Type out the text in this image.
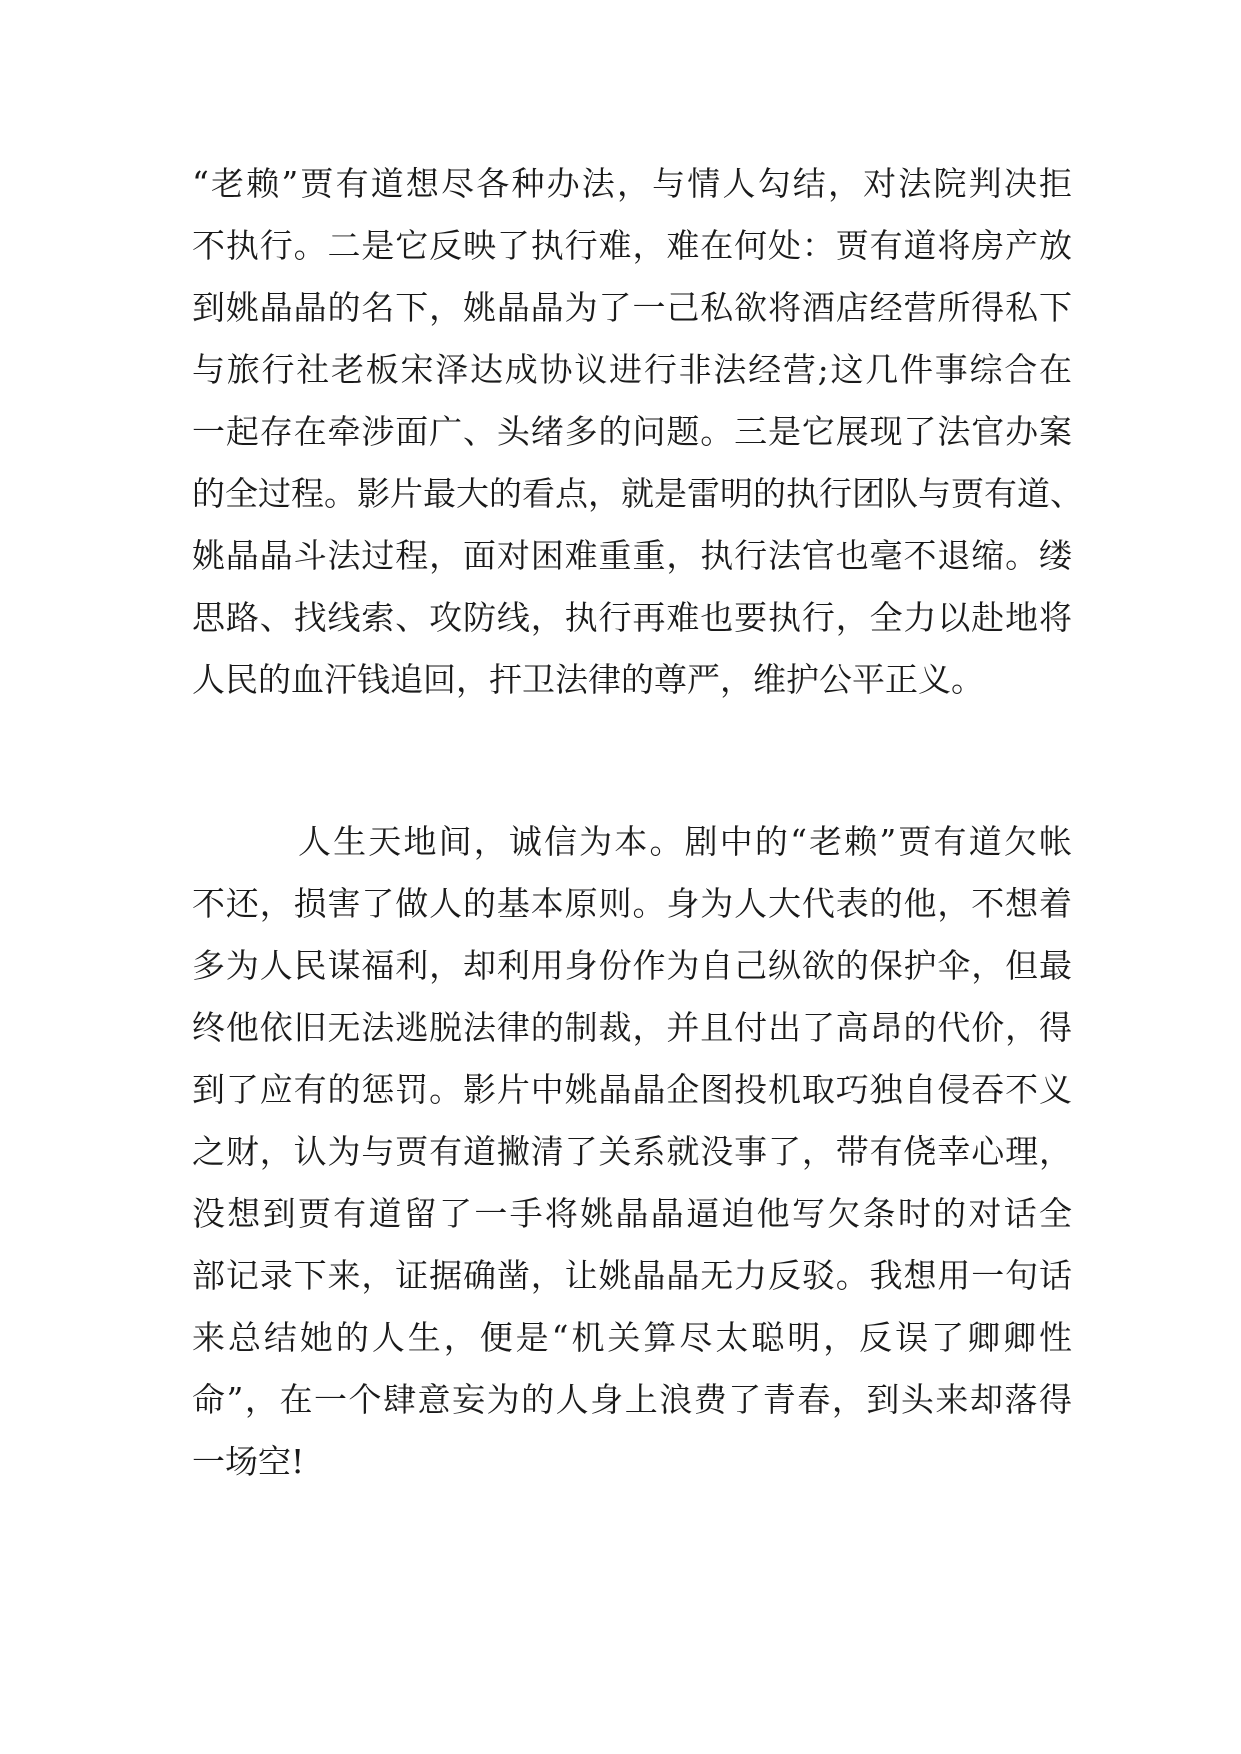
“老赖”贾有道想尽各种办法，与情人勾结，对法院判决拒
不执行。二是它反映了执行难，难在何处：贾有道将房产放
到姚晶晶的名下，姚晶晶为了一己私欲将酒店经营所得私下
与旅行社老板宋泽达成协议进行非法经营;这几件事综合在
一起存在牵涉面广、头绪多的问题。三是它展现了法官办案
的全过程。影片最大的看点，就是雷明的执行团队与贾有道、
姚晶晶斗法过程，面对困难重重，执行法官也毫不退缩。缕
思路、找线索、攻防线，执行再难也要执行，全力以赴地将
人民的血汗钱追回，扞卫法律的尊严，维护公平正义。
人生天地间，诚信为本。剧中的“老赖”贾有道欠帐
不还，损害了做人的基本原则。身为人大代表的他，不想着
多为人民谋福利，却利用身份作为自己纵欲的保护伞，但最
终他依旧无法逃脱法律的制裁，并且付出了高昂的代价，得
到了应有的惩罚。影片中姚晶晶企图投机取巧独自侵吞不义
之财，认为与贾有道撇清了关系就没事了，带有侥幸心理，
没想到贾有道留了一手将姚晶晶逼迫他写欠条时的对话全
部记录下来，证据确凿，让姚晶晶无力反驳。我想用一句话
来总结她的人生，便是“机关算尽太聪明，反误了卿卿性
命”，在一个肆意妄为的人身上浪费了青春，到头来却落得
一场空!
